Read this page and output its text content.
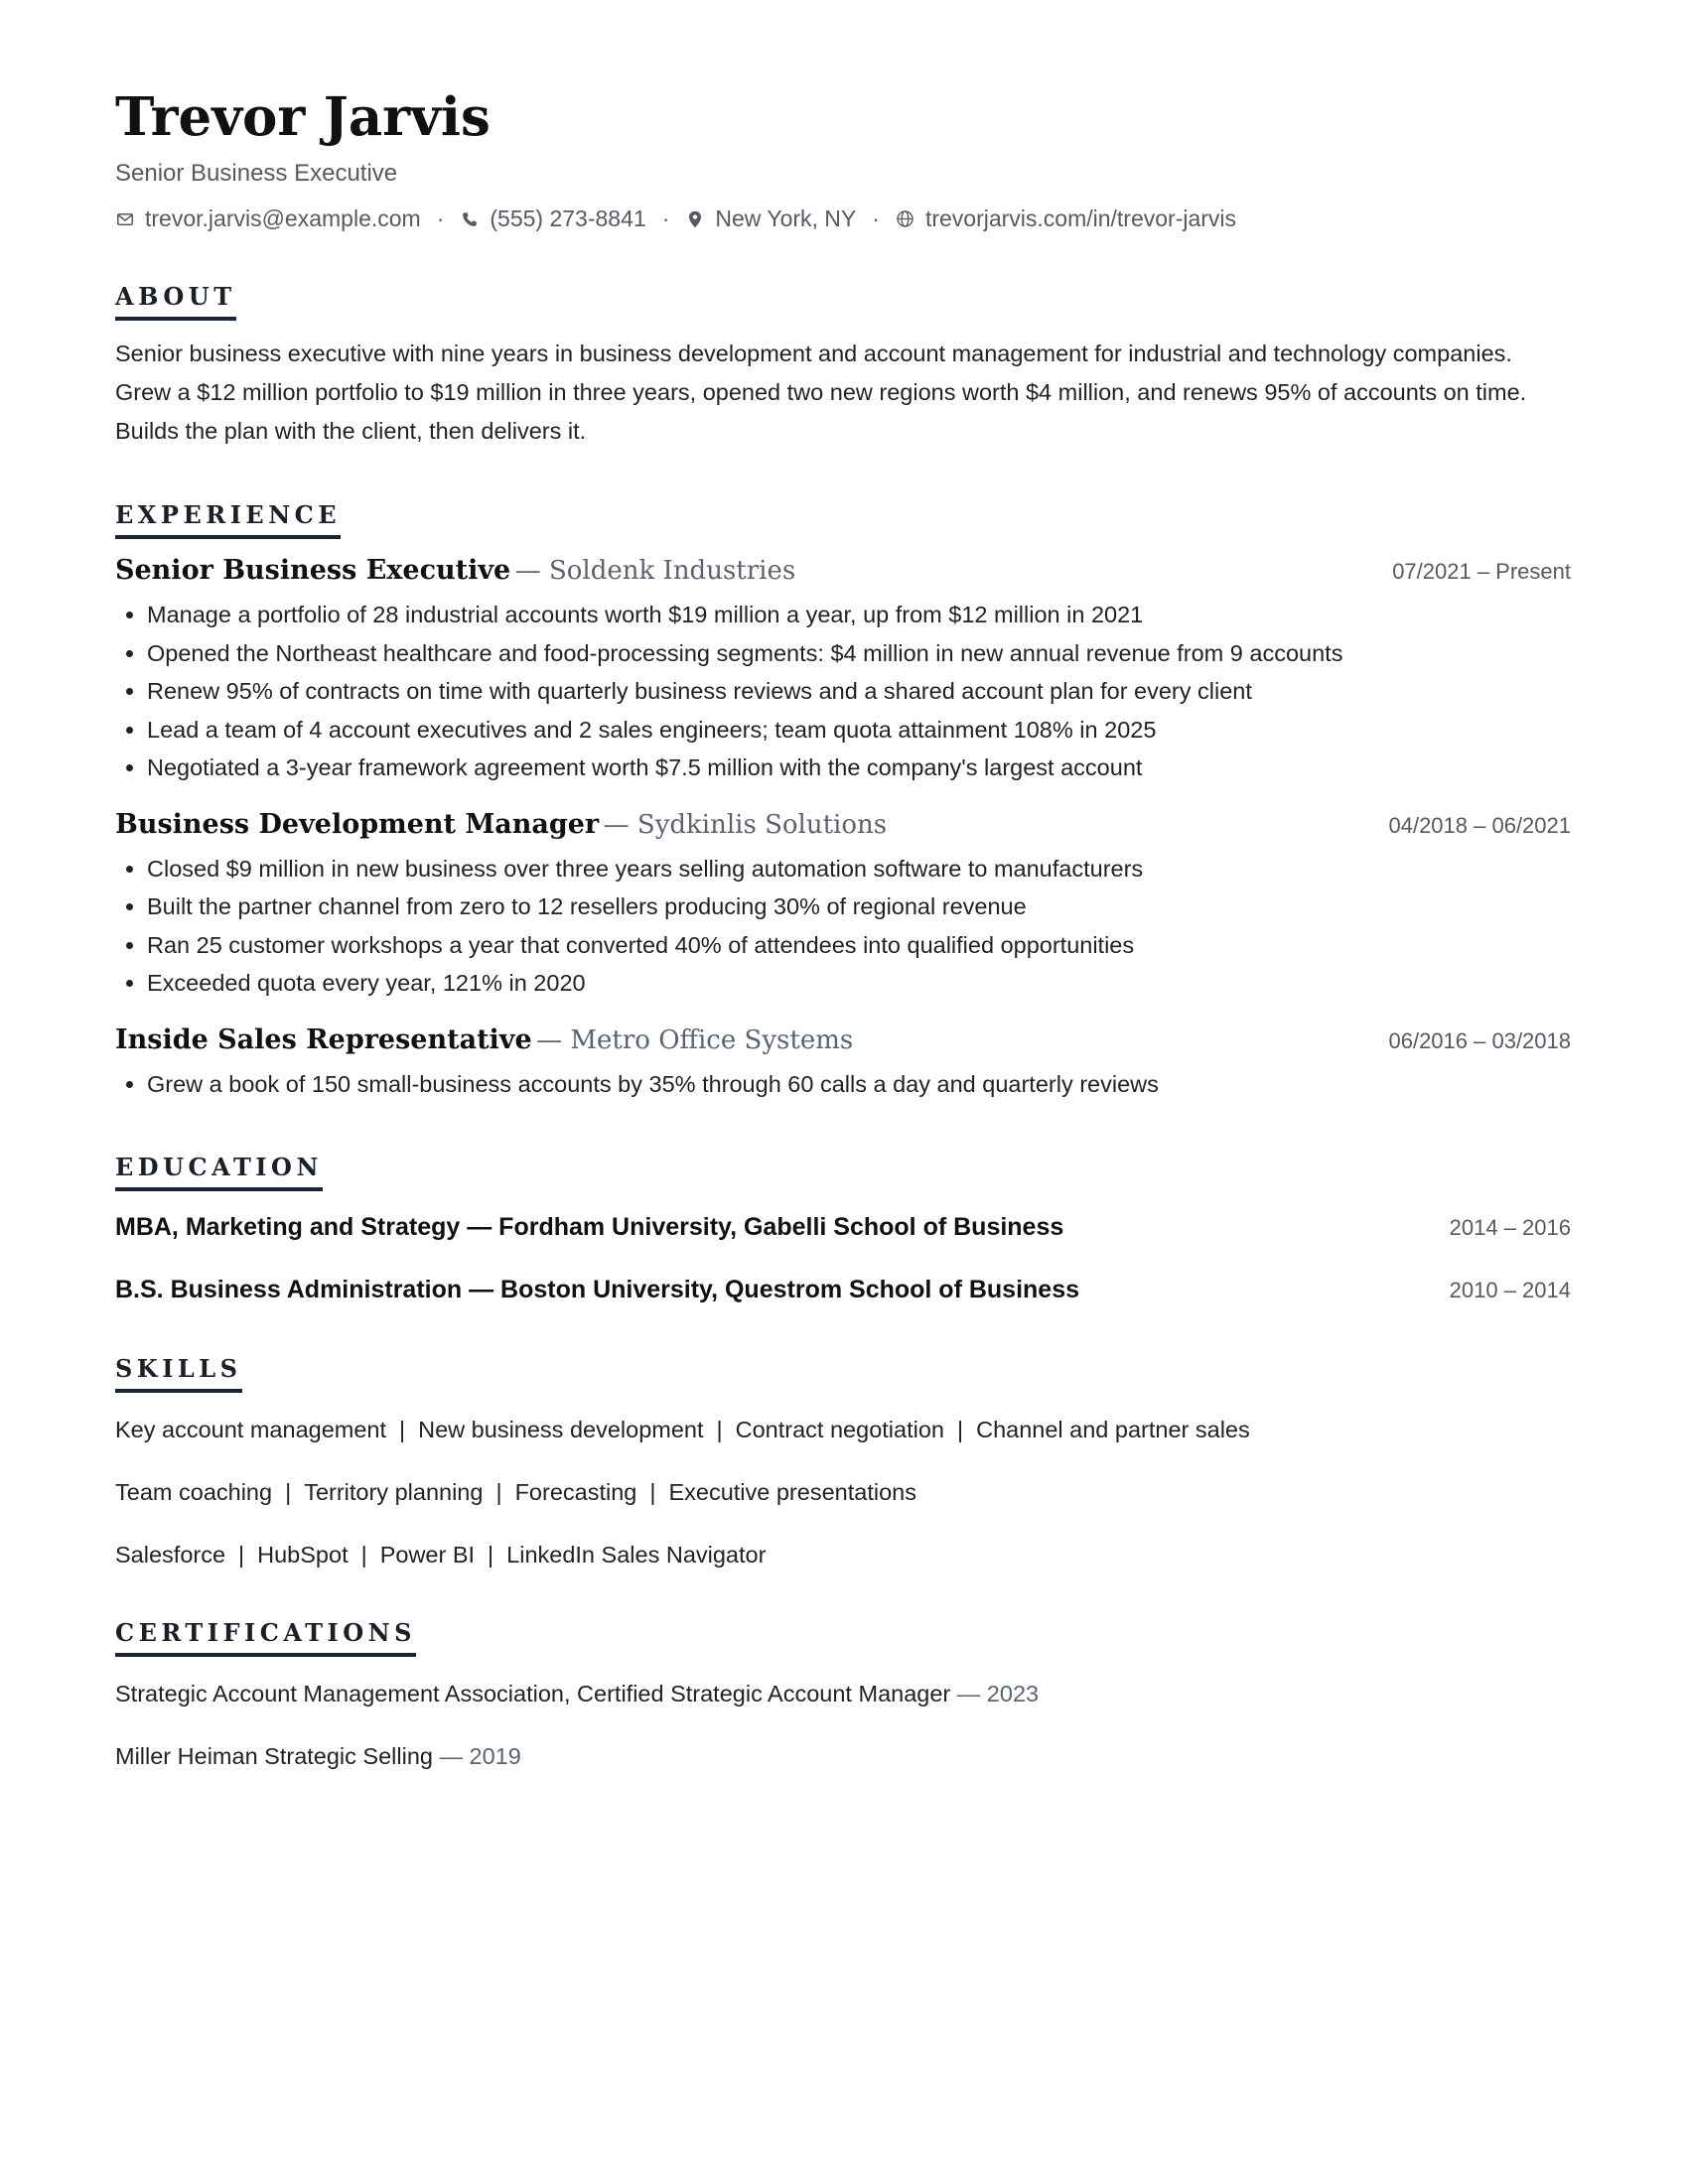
Trevor Jarvis
Senior Business Executive
trevor.jarvis@example.com · (555) 273-8841 · New York, NY · trevorjarvis.com/in/trevor-jarvis
ABOUT
Senior business executive with nine years in business development and account management for industrial and technology companies. Grew a $12 million portfolio to $19 million in three years, opened two new regions worth $4 million, and renews 95% of accounts on time. Builds the plan with the client, then delivers it.
EXPERIENCE
Senior Business Executive — Soldenk Industries	07/2021 – Present
• Manage a portfolio of 28 industrial accounts worth $19 million a year, up from $12 million in 2021
• Opened the Northeast healthcare and food-processing segments: $4 million in new annual revenue from 9 accounts
• Renew 95% of contracts on time with quarterly business reviews and a shared account plan for every client
• Lead a team of 4 account executives and 2 sales engineers; team quota attainment 108% in 2025
• Negotiated a 3-year framework agreement worth $7.5 million with the company's largest account
Business Development Manager — Sydkinlis Solutions	04/2018 – 06/2021
• Closed $9 million in new business over three years selling automation software to manufacturers
• Built the partner channel from zero to 12 resellers producing 30% of regional revenue
• Ran 25 customer workshops a year that converted 40% of attendees into qualified opportunities
• Exceeded quota every year, 121% in 2020
Inside Sales Representative — Metro Office Systems	06/2016 – 03/2018
• Grew a book of 150 small-business accounts by 35% through 60 calls a day and quarterly reviews
EDUCATION
MBA, Marketing and Strategy — Fordham University, Gabelli School of Business	2014 – 2016
B.S. Business Administration — Boston University, Questrom School of Business	2010 – 2014
SKILLS
Key account management | New business development | Contract negotiation | Channel and partner sales
Team coaching | Territory planning | Forecasting | Executive presentations
Salesforce | HubSpot | Power BI | LinkedIn Sales Navigator
CERTIFICATIONS
Strategic Account Management Association, Certified Strategic Account Manager — 2023
Miller Heiman Strategic Selling — 2019
